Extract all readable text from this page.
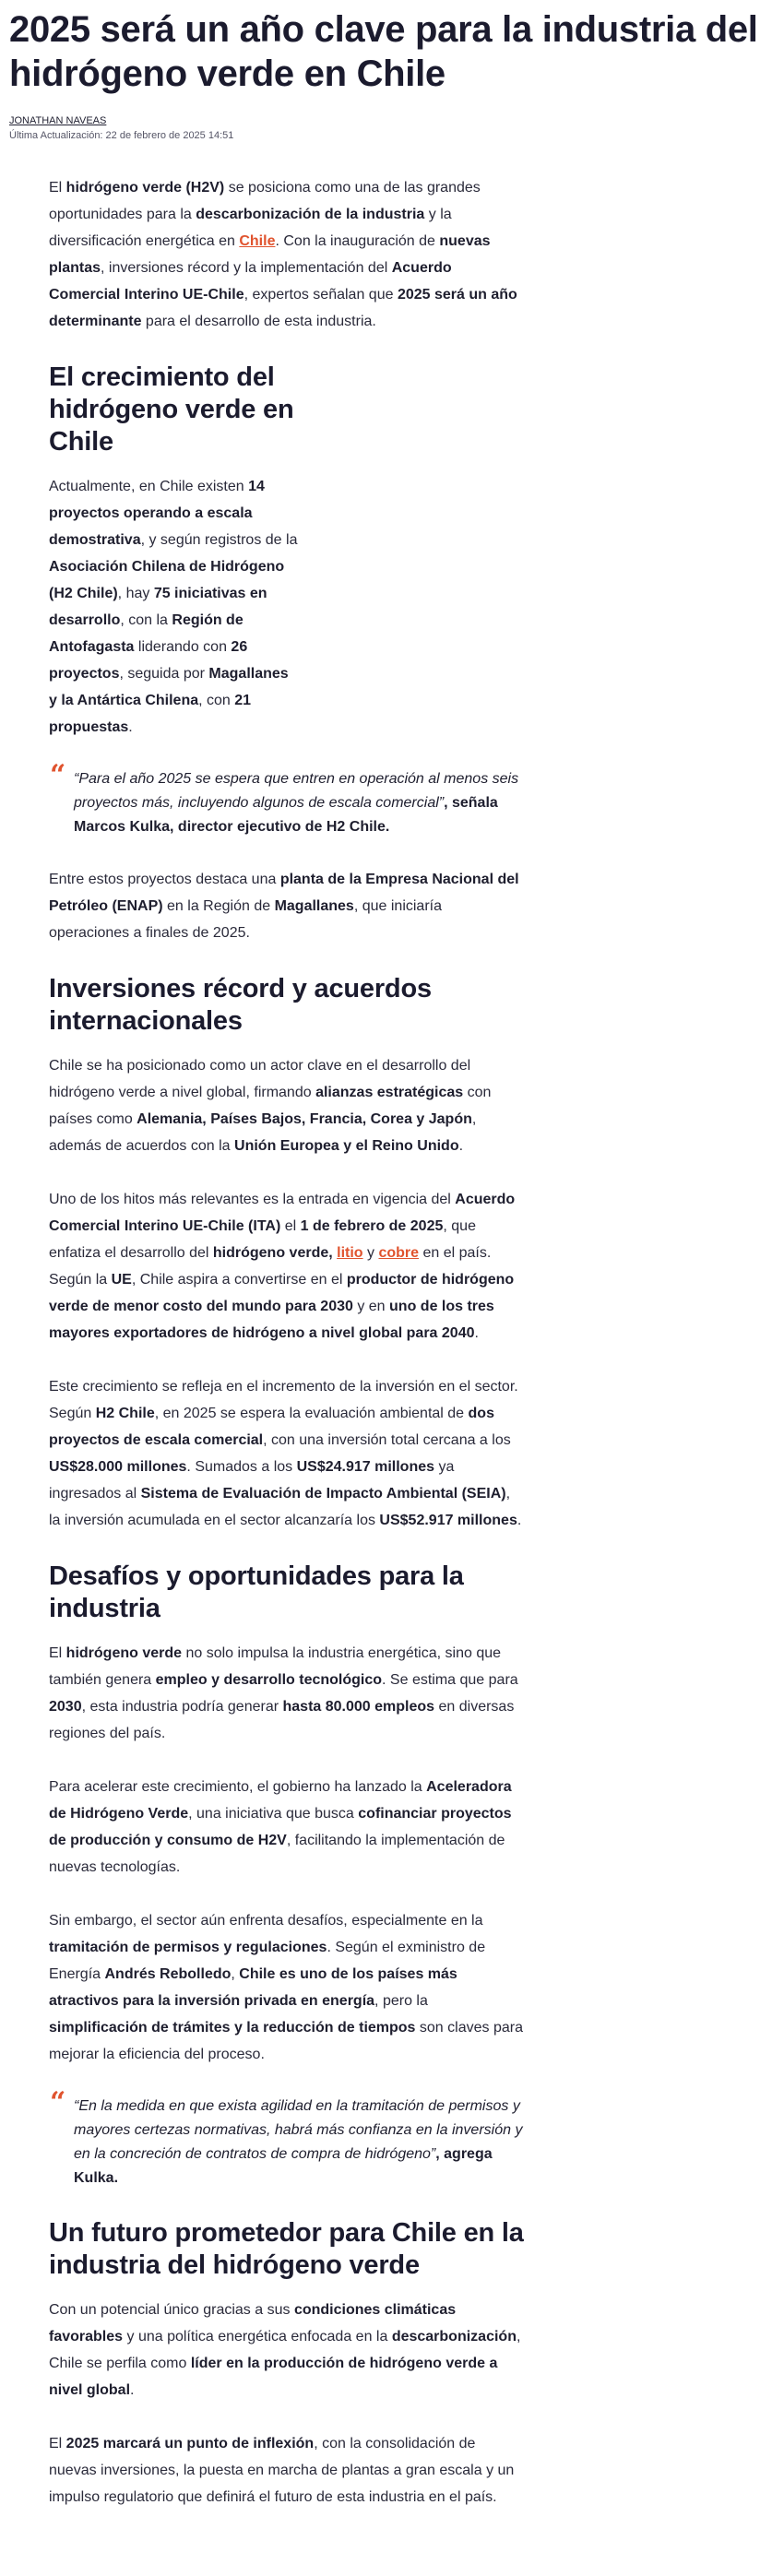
2025 será un año clave para la industria del hidrógeno verde en Chile
JONATHAN NAVEAS
Última Actualización: 22 de febrero de 2025 14:51

El hidrógeno verde (H2V) se posiciona como una de las grandes oportunidades para la descarbonización de la industria y la diversificación energética en Chile. Con la inauguración de nuevas plantas, inversiones récord y la implementación del Acuerdo Comercial Interino UE-Chile, expertos señalan que 2025 será un año determinante para el desarrollo de esta industria.

El crecimiento del hidrógeno verde en Chile

Actualmente, en Chile existen 14 proyectos operando a escala demostrativa, y según registros de la Asociación Chilena de Hidrógeno (H2 Chile), hay 75 iniciativas en desarrollo, con la Región de Antofagasta liderando con 26 proyectos, seguida por Magallanes y la Antártica Chilena, con 21 propuestas.

“ “Para el año 2025 se espera que entren en operación al menos seis proyectos más, incluyendo algunos de escala comercial”, señala Marcos Kulka, director ejecutivo de H2 Chile.

Entre estos proyectos destaca una planta de la Empresa Nacional del Petróleo (ENAP) en la Región de Magallanes, que iniciaría operaciones a finales de 2025.

Inversiones récord y acuerdos internacionales

Chile se ha posicionado como un actor clave en el desarrollo del hidrógeno verde a nivel global, firmando alianzas estratégicas con países como Alemania, Países Bajos, Francia, Corea y Japón, además de acuerdos con la Unión Europea y el Reino Unido.

Uno de los hitos más relevantes es la entrada en vigencia del Acuerdo Comercial Interino UE-Chile (ITA) el 1 de febrero de 2025, que enfatiza el desarrollo del hidrógeno verde, litio y cobre en el país. Según la UE, Chile aspira a convertirse en el productor de hidrógeno verde de menor costo del mundo para 2030 y en uno de los tres mayores exportadores de hidrógeno a nivel global para 2040.

Este crecimiento se refleja en el incremento de la inversión en el sector. Según H2 Chile, en 2025 se espera la evaluación ambiental de dos proyectos de escala comercial, con una inversión total cercana a los US$28.000 millones. Sumados a los US$24.917 millones ya ingresados al Sistema de Evaluación de Impacto Ambiental (SEIA), la inversión acumulada en el sector alcanzaría los US$52.917 millones.

Desafíos y oportunidades para la industria

El hidrógeno verde no solo impulsa la industria energética, sino que también genera empleo y desarrollo tecnológico. Se estima que para 2030, esta industria podría generar hasta 80.000 empleos en diversas regiones del país.

Para acelerar este crecimiento, el gobierno ha lanzado la Aceleradora de Hidrógeno Verde, una iniciativa que busca cofinanciar proyectos de producción y consumo de H2V, facilitando la implementación de nuevas tecnologías.

Sin embargo, el sector aún enfrenta desafíos, especialmente en la tramitación de permisos y regulaciones. Según el exministro de Energía Andrés Rebolledo, Chile es uno de los países más atractivos para la inversión privada en energía, pero la simplificación de trámites y la reducción de tiempos son claves para mejorar la eficiencia del proceso.

“ “En la medida en que exista agilidad en la tramitación de permisos y mayores certezas normativas, habrá más confianza en la inversión y en la concreción de contratos de compra de hidrógeno”, agrega Kulka.
Un futuro prometedor para Chile en la industria del hidrógeno verde

Con un potencial único gracias a sus condiciones climáticas favorables y una política energética enfocada en la descarbonización, Chile se perfila como líder en la producción de hidrógeno verde a nivel global.

El 2025 marcará un punto de inflexión, con la consolidación de nuevas inversiones, la puesta en marcha de plantas a gran escala y un impulso regulatorio que definirá el futuro de esta industria en el país.
